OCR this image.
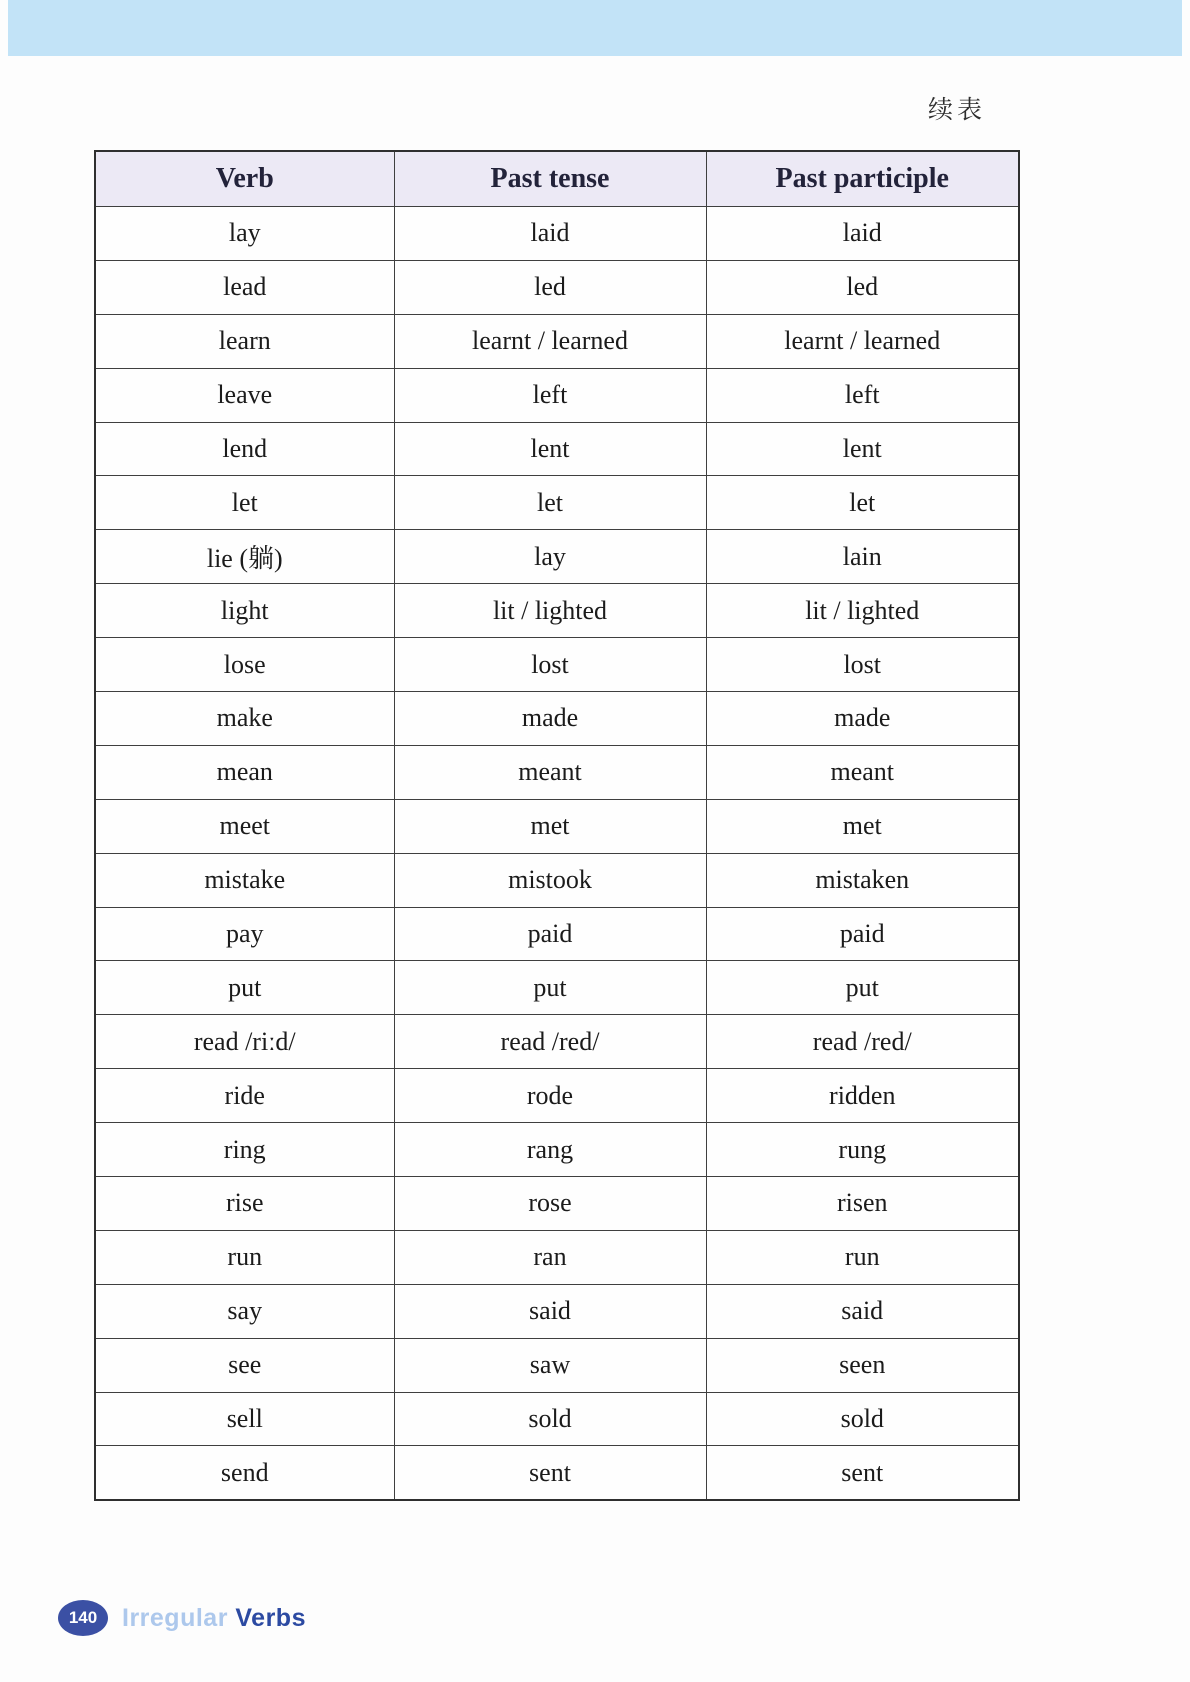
续表
Verb	Past tense	Past participle
lay	laid	laid
lead	led	led
learn	learnt / learned	learnt / learned
leave	left	left
lend	lent	lent
let	let	let
lie (躺)	lay	lain
light	lit / lighted	lit / lighted
lose	lost	lost
make	made	made
mean	meant	meant
meet	met	met
mistake	mistook	mistaken
pay	paid	paid
put	put	put
read /riːd/	read /red/	read /red/
ride	rode	ridden
ring	rang	rung
rise	rose	risen
run	ran	run
say	said	said
see	saw	seen
sell	sold	sold
send	sent	sent
140 Irregular Verbs
